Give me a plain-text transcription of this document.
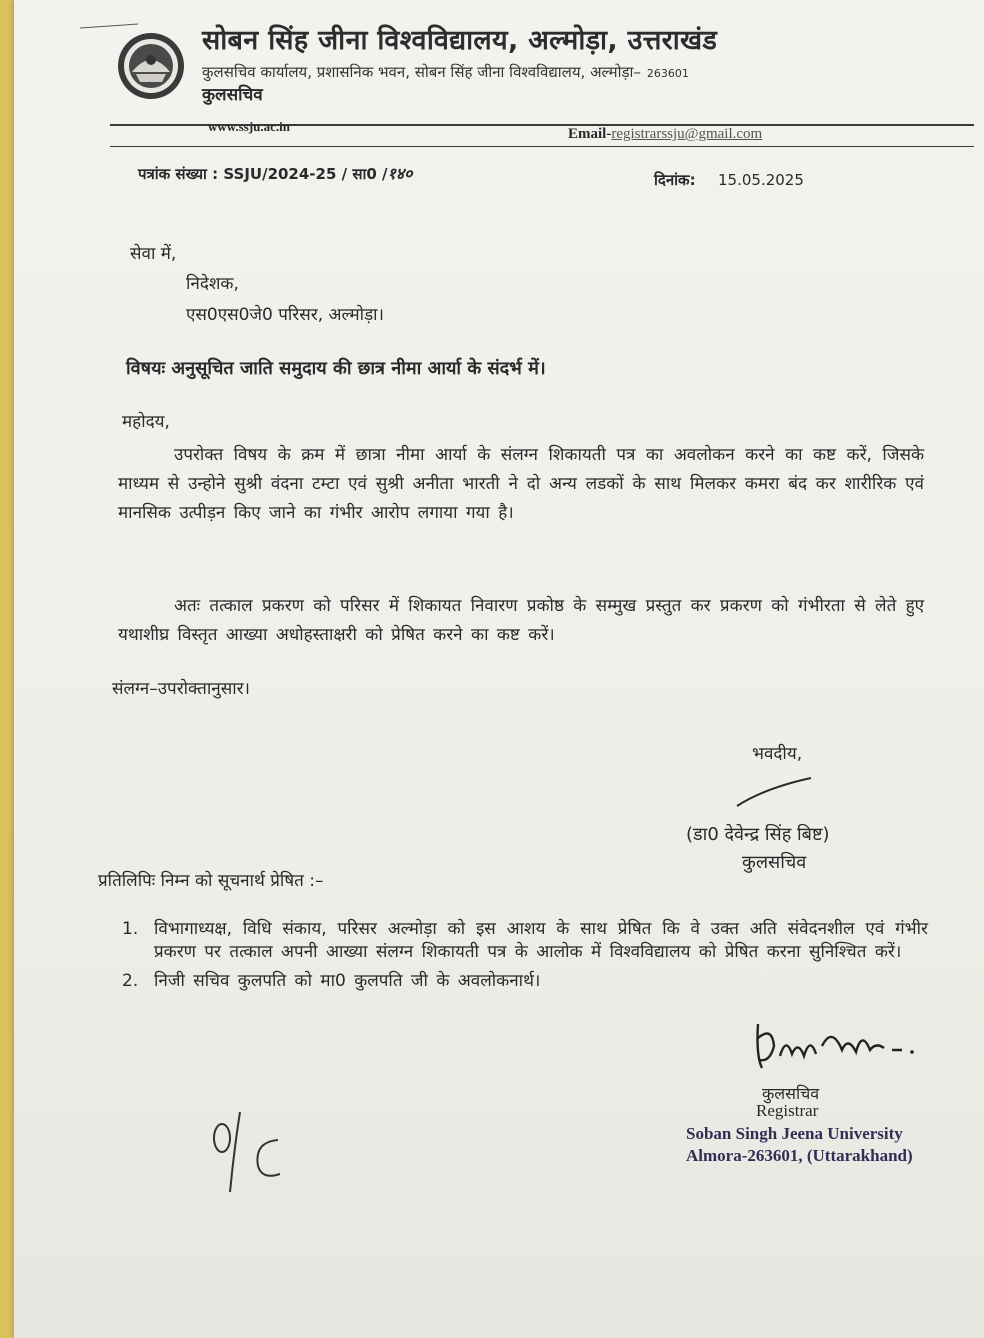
सोबन सिंह जीना विश्वविद्यालय, अल्मोड़ा, उत्तराखंड
कुलसचिव कार्यालय, प्रशासनिक भवन, सोबन सिंह जीना विश्वविद्यालय, अल्मोड़ा– 263601
कुलसचिव
www.ssju.ac.in	Email-registrarssju@gmail.com
पत्रांक संख्या : SSJU/2024-25 / सा0 /१४०	दिनांक: 15.05.2025
सेवा में,
निदेशक,
एस0एस0जे0 परिसर, अल्मोड़ा।
विषयः अनुसूचित जाति समुदाय की छात्र नीमा आर्या के संदर्भ में।
महोदय,
उपरोक्त विषय के क्रम में छात्रा नीमा आर्या के संलग्न शिकायती पत्र का अवलोकन करने का कष्ट करें, जिसके माध्यम से उन्होने सुश्री वंदना टम्टा एवं सुश्री अनीता भारती ने दो अन्य लडकों के साथ मिलकर कमरा बंद कर शारीरिक एवं मानसिक उत्पीड़न किए जाने का गंभीर आरोप लगाया गया है।
अतः तत्काल प्रकरण को परिसर में शिकायत निवारण प्रकोष्ठ के सम्मुख प्रस्तुत कर प्रकरण को गंभीरता से लेते हुए यथाशीघ्र विस्तृत आख्या अधोहस्ताक्षरी को प्रेषित करने का कष्ट करें।
संलग्न–उपरोक्तानुसार।
भवदीय,
(डा0 देवेन्द्र सिंह बिष्ट)
कुलसचिव
प्रतिलिपिः निम्न को सूचनार्थ प्रेषित :–
1. विभागाध्यक्ष, विधि संकाय, परिसर अल्मोड़ा को इस आशय के साथ प्रेषित कि वे उक्त अति संवेदनशील एवं गंभीर प्रकरण पर तत्काल अपनी आख्या संलग्न शिकायती पत्र के आलोक में विश्वविद्यालय को प्रेषित करना सुनिश्चित करें।
2. निजी सचिव कुलपति को मा0 कुलपति जी के अवलोकनार्थ।
कुलसचिव
Registrar
Soban Singh Jeena University
Almora-263601, (Uttarakhand)
